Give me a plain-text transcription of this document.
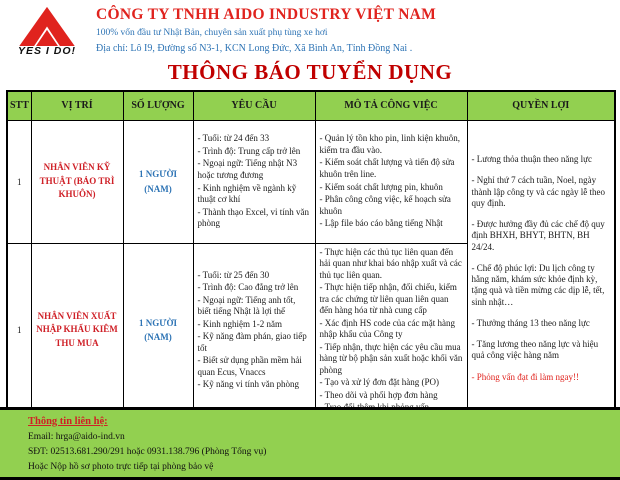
YES I DO!
CÔNG TY TNHH AIDO INDUSTRY VIỆT NAM
100% vốn đầu tư Nhật Bản, chuyên sản xuất phụ tùng xe hơi
Địa chỉ: Lô I9, Đường số N3-1, KCN Long Đức, Xã Bình An, Tỉnh Đồng Nai .
THÔNG BÁO TUYỂN DỤNG
STT	VỊ TRÍ	SỐ LƯỢNG	YÊU CẦU	MÔ TẢ CÔNG VIỆC	QUYỀN LỢI
1	NHÂN VIÊN KỸ THUẬT (BẢO TRÌ KHUÔN)	1 NGƯỜI (NAM)	
- Tuổi: từ 24 đến 33
- Trình độ: Trung cấp trở lên
- Ngoại ngữ: Tiếng nhật N3 hoặc tương đương
- Kinh nghiệm về ngành kỹ thuật cơ khí
- Thành thạo Excel, vi tính văn phòng

- Quản lý tồn kho pin, linh kiện khuôn, kiểm tra đầu vào.
- Kiểm soát chất lượng và tiến độ sửa khuôn trên line.
- Kiểm soát chất lượng pin, khuôn
- Phân công công việc, kế hoạch sửa khuôn
- Lập file báo cáo bằng tiếng Nhật

- Lương thỏa thuận theo năng lực
- Nghỉ thứ 7 cách tuần, Noel, ngày thành lập công ty và các ngày lễ theo quy định.
- Được hưởng đầy đủ các chế độ quy định BHXH, BHYT, BHTN, BH 24/24.
- Chế độ phúc lợi: Du lịch công ty hằng năm, khám sức khỏe định kỳ, tặng quà và tiền mừng các dịp lễ, tết, sinh nhật…
- Thưởng tháng 13 theo năng lực
- Tăng lương theo năng lực và hiệu quả công việc hàng năm
- Phỏng vấn đạt đi làm ngay!!

1	NHÂN VIÊN XUẤT NHẬP KHẨU KIÊM THU MUA	1 NGƯỜI (NAM)	
- Tuổi: từ 25 đến 30
- Trình độ: Cao đẳng trở lên
- Ngoại ngữ: Tiếng anh tốt, biết tiếng Nhật là lợi thế
- Kinh nghiệm 1-2 năm
- Kỹ năng đàm phán, giao tiếp tốt
- Biết sử dụng phần mềm hải quan Ecus, Vnaccs
- Kỹ năng vi tính văn phòng

- Thực hiện các thủ tục liên quan đến hải quan như khai báo nhập xuất và các thủ tục liên quan.
- Thực hiện tiếp nhận, đối chiếu, kiểm tra các chứng từ liên quan liên quan đến hàng hóa từ nhà cung cấp
- Xác định HS code của các mặt hàng nhập khẩu của Công ty
- Tiếp nhận, thực hiện các yêu cầu mua hàng từ bộ phận sản xuất hoặc khối văn phòng
- Tạo và xử lý đơn đặt hàng (PO)
- Theo dõi và phối hợp đơn hàng
Thông tin liên hệ:
Email: hrga@aido-ind.vn
SĐT: 02513.681.290/291 hoặc 0931.138.796 (Phòng Tổng vụ)
Hoặc Nộp hồ sơ photo trực tiếp tại phòng bảo vệ
